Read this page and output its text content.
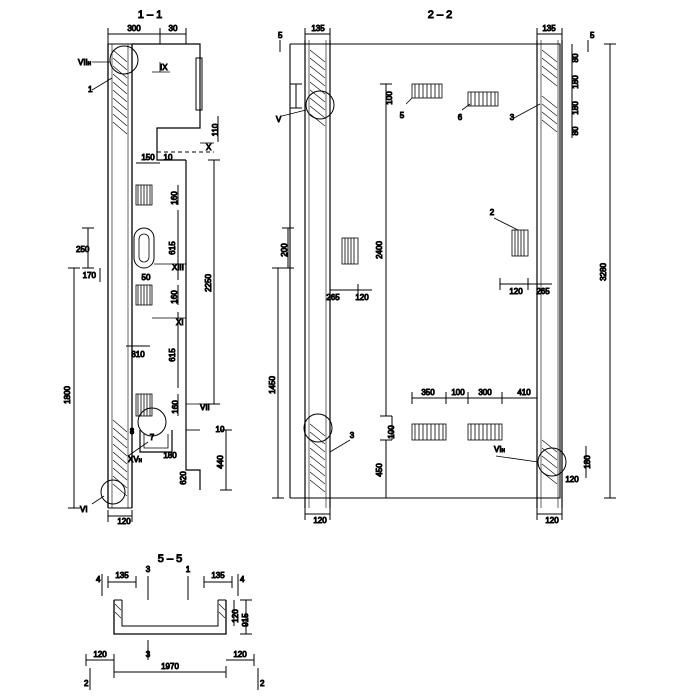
1 – 1
300	30
VIIн
1
IX
X
XIII
XI
VII
XVн
VI
7
8
250
170
310
1800
160
615
160
615
160
2250
110
10
440
620
150 10
50
180
120
2 – 2
135	135
5	5
80
180
180
80
3280
100
200	2400
1450
100
450
265 120
120 265
350 100 300	410
120	120
120
180
5	6	3
2
3
V
VIн
5 – 5
135
4
3	1
135 4
120 915
120	3
1970
120
2	2
